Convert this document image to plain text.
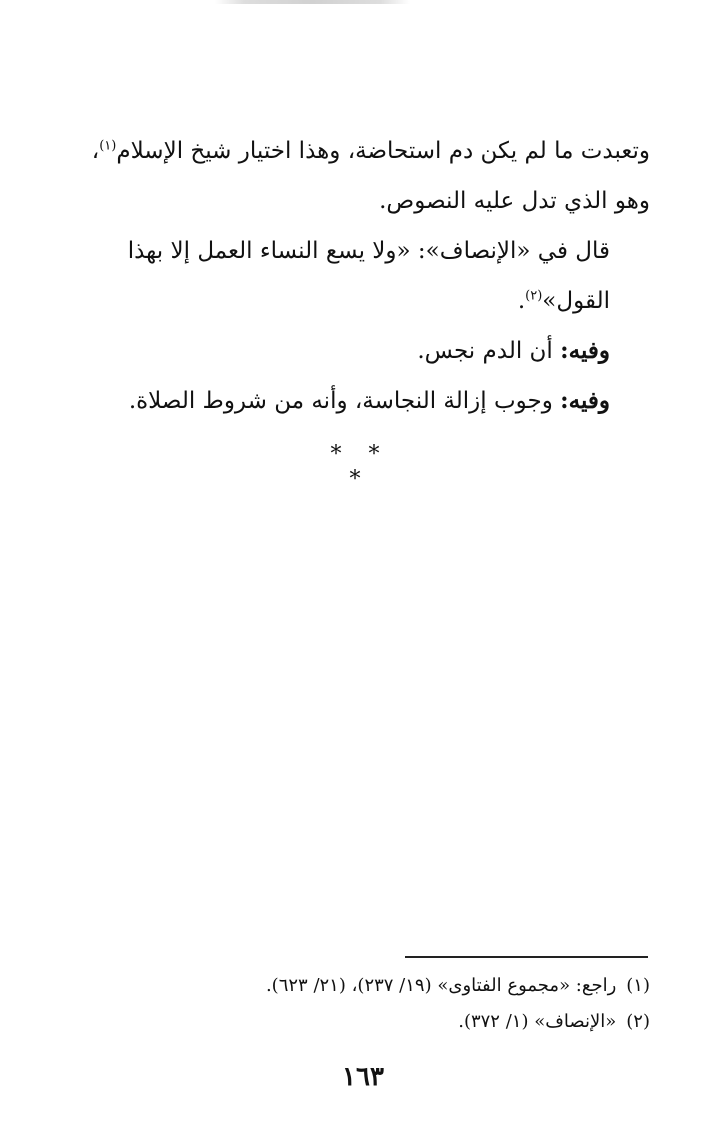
وتعبدت ما لم يكن دم استحاضة، وهذا اختيار شيخ الإسلام$^{(١)}$، وهو الذي تدل عليه النصوص.

قال في «الإنصاف»: «ولا يسع النساء العمل إلا بهذا القول»$^{(٢)}$.

وفيه: أن الدم نجس.

وفيه: وجوب إزالة النجاسة، وأنه من شروط الصلاة.

* * *

(١)راجع: «مجموع الفتاوى» (١٩/ ٢٣٧)، (٢١/ ٦٢٣).

(٢)«الإنصاف» (١/ ٣٧٢).

١٦٣
